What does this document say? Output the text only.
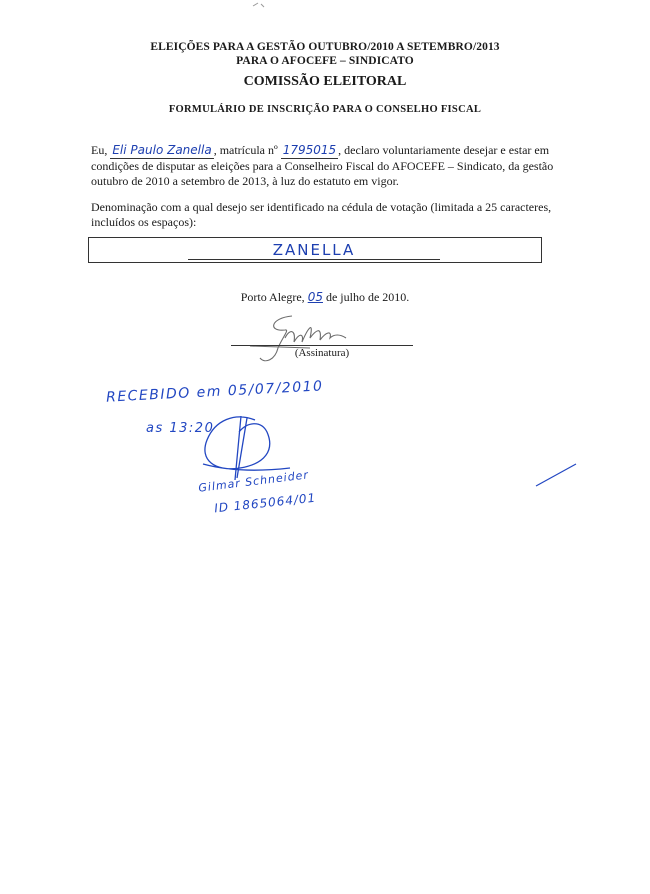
ELEIÇÕES PARA A GESTÃO OUTUBRO/2010 A SETEMBRO/2013
PARA O AFOCEFE – SINDICATO
COMISSÃO ELEITORAL
FORMULÁRIO DE INSCRIÇÃO PARA O CONSELHO FISCAL
Eu, Eli Paulo Zanella , matrícula nº 1795015 , declaro voluntariamente desejar e estar em condições de disputar as eleições para a Conselheiro Fiscal do AFOCEFE – Sindicato, da gestão outubro de 2010 a setembro de 2013, à luz do estatuto em vigor.
Denominação com a qual desejo ser identificado na cédula de votação (limitada a 25 caracteres, incluídos os espaços):
ZANELLA
Porto Alegre, 05 de julho de 2010.
(Assinatura)
RECEBIDO em 05/07/2010
as 13:20
Gilmar Schneider
ID 1865064/01
